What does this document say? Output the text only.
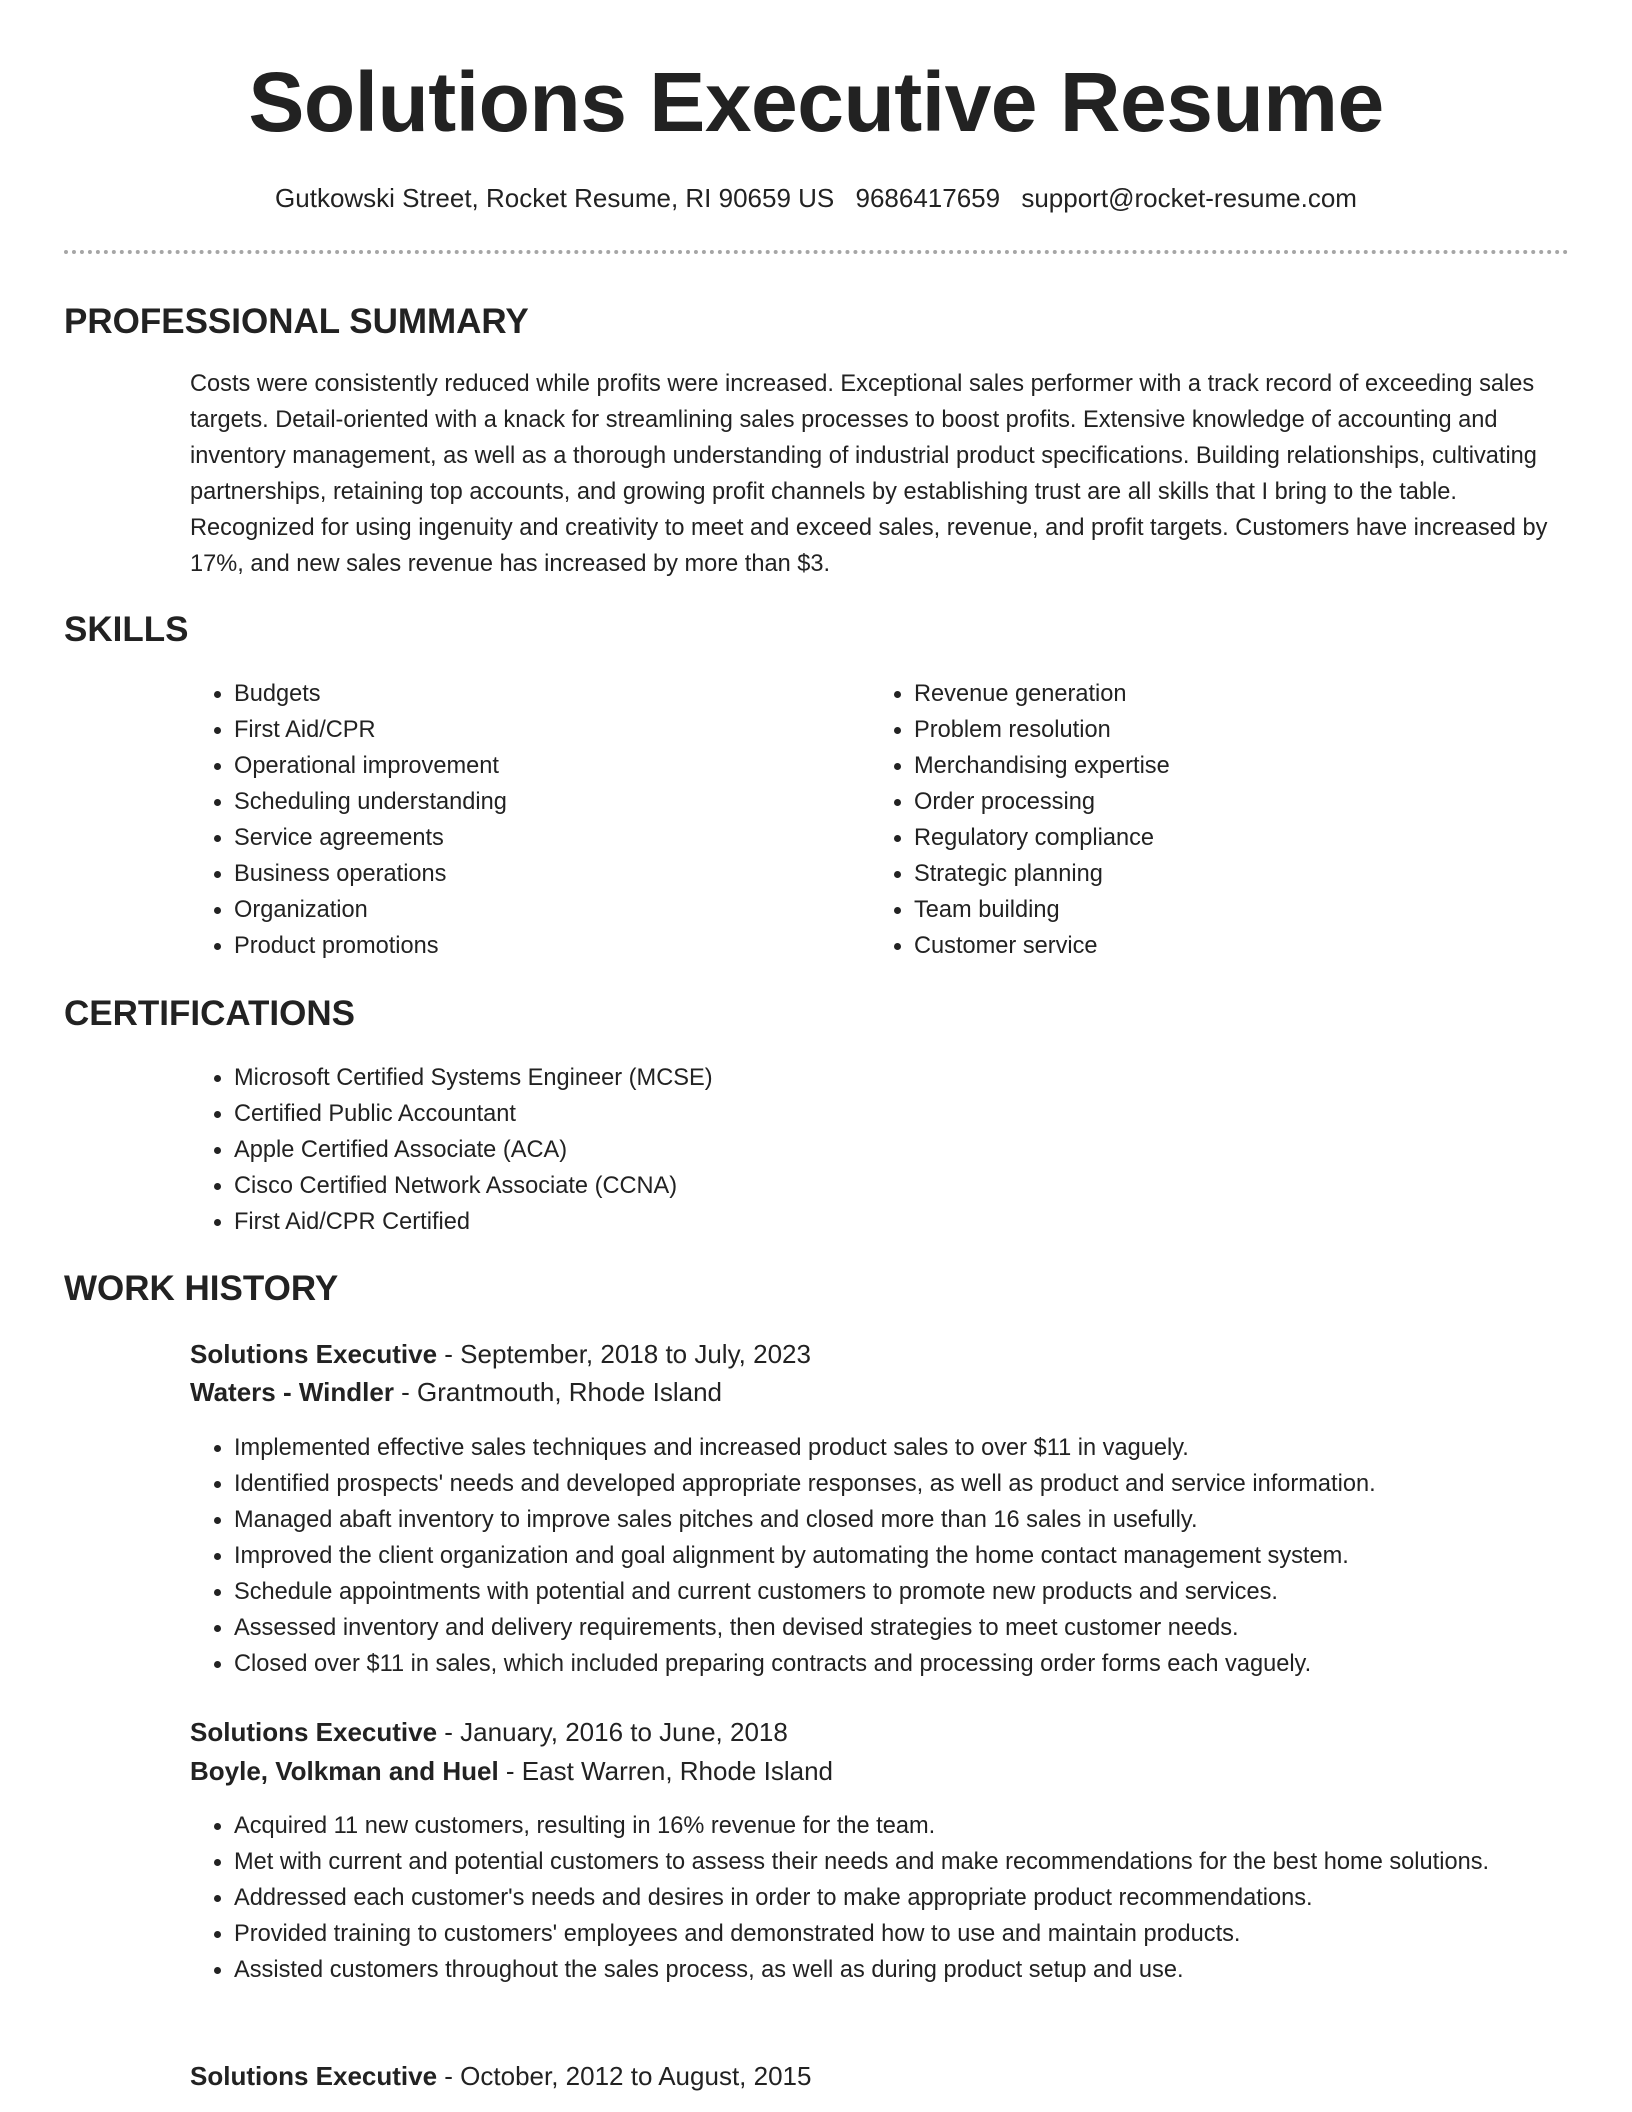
Solutions Executive Resume
Gutkowski Street, Rocket Resume, RI 90659 US 9686417659 support@rocket-resume.com
PROFESSIONAL SUMMARY
Costs were consistently reduced while profits were increased. Exceptional sales performer with a track record of exceeding sales targets. Detail-oriented with a knack for streamlining sales processes to boost profits. Extensive knowledge of accounting and inventory management, as well as a thorough understanding of industrial product specifications. Building relationships, cultivating partnerships, retaining top accounts, and growing profit channels by establishing trust are all skills that I bring to the table. Recognized for using ingenuity and creativity to meet and exceed sales, revenue, and profit targets. Customers have increased by 17%, and new sales revenue has increased by more than $3.
SKILLS
• Budgets
• First Aid/CPR
• Operational improvement
• Scheduling understanding
• Service agreements
• Business operations
• Organization
• Product promotions
• Revenue generation
• Problem resolution
• Merchandising expertise
• Order processing
• Regulatory compliance
• Strategic planning
• Team building
• Customer service
CERTIFICATIONS
• Microsoft Certified Systems Engineer (MCSE)
• Certified Public Accountant
• Apple Certified Associate (ACA)
• Cisco Certified Network Associate (CCNA)
• First Aid/CPR Certified
WORK HISTORY
Solutions Executive - September, 2018 to July, 2023
Waters - Windler - Grantmouth, Rhode Island
• Implemented effective sales techniques and increased product sales to over $11 in vaguely.
• Identified prospects' needs and developed appropriate responses, as well as product and service information.
• Managed abaft inventory to improve sales pitches and closed more than 16 sales in usefully.
• Improved the client organization and goal alignment by automating the home contact management system.
• Schedule appointments with potential and current customers to promote new products and services.
• Assessed inventory and delivery requirements, then devised strategies to meet customer needs.
• Closed over $11 in sales, which included preparing contracts and processing order forms each vaguely.
Solutions Executive - January, 2016 to June, 2018
Boyle, Volkman and Huel - East Warren, Rhode Island
• Acquired 11 new customers, resulting in 16% revenue for the team.
• Met with current and potential customers to assess their needs and make recommendations for the best home solutions.
• Addressed each customer's needs and desires in order to make appropriate product recommendations.
• Provided training to customers' employees and demonstrated how to use and maintain products.
• Assisted customers throughout the sales process, as well as during product setup and use.
Solutions Executive - October, 2012 to August, 2015
